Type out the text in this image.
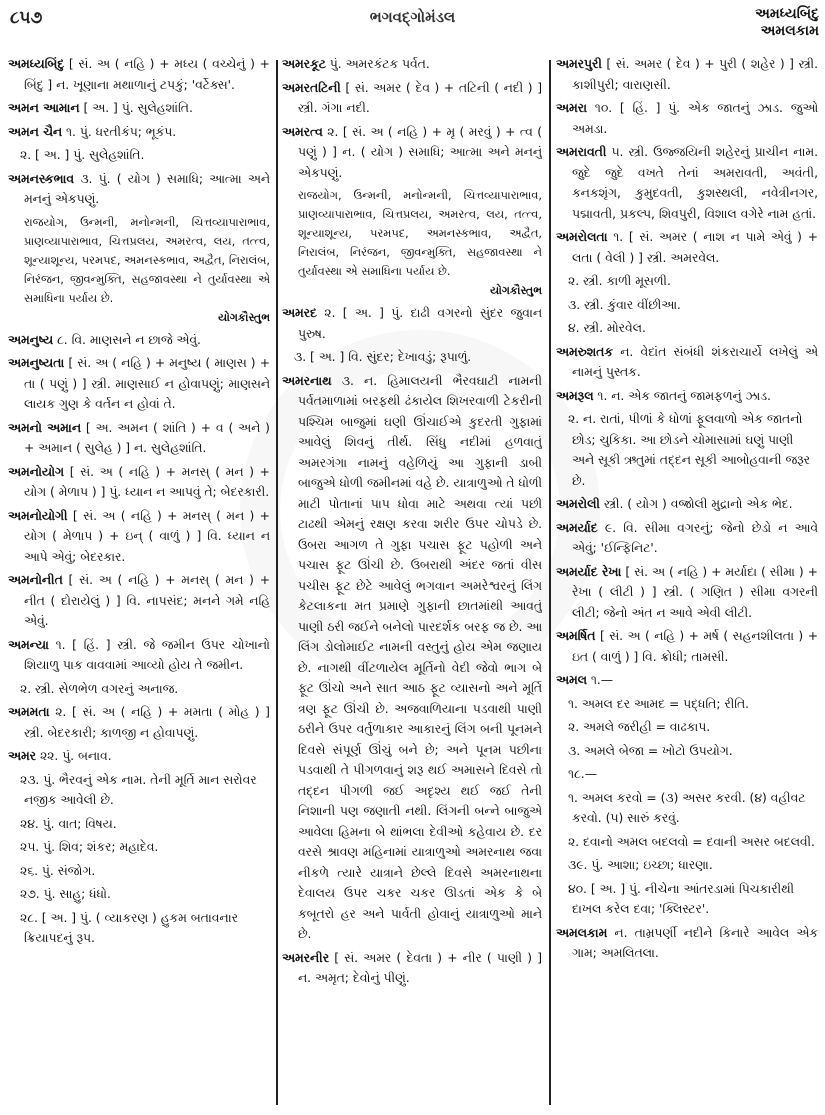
૮૫૭	ભગવદ્ગોમંડલ	અમધ્યબિંદુ
અમલકામ

અમધ્યબિંદુ [ સં. અ ( નહિ ) + મધ્ય ( વચ્ચેનું ) + બિંદુ ] ન. ખૂણાના મથાળાનું ટપકું; 'વર્ટેક્સ'.

અમન આમાન [ અ. ] પું. સુલેહશાંતિ.

અમન ચૈન ૧. પું. ધરતીકંપ; ભૂકંપ.

૨. [ અ. ] પું. સુલેહશાંતિ.

અમનસ્કભાવ ૩. પું. ( યોગ ) સમાધિ; આત્મા અને મનનું એકપણું.

રાજયોગ, ઉન્મની, મનોન્મની, ચિત્તવ્યાપારાભાવ, પ્રાણવ્યાપારાભાવ, ચિત્તપ્રલય, અમરત્વ, લય, તત્ત્વ, શૂન્યાશૂન્ય, પરમપદ, અમનસ્કભાવ, અદ્વૈત, નિરાલંબ, નિરંજન, જીવન્મુક્તિ, સહજાવસ્થા ને તુર્યાવસ્થા એ સમાધિના પર્યાય છે.
યોગકૌસ્તુભ

અમનુષ્ય ૮. વિ. માણસને ન છાજે એવું.

અમનુષ્યતા [ સં. અ ( નહિ ) + મનુષ્ય ( માણસ ) + તા ( પણું ) ] સ્ત્રી. માણસાઈ ન હોવાપણું; માણસને લાયક ગુણ કે વર્તન ન હોવાં તે.

અમનો અમાન [ અ. અમન ( શાંતિ ) + વ ( અને ) + અમાન ( સુલેહ ) ] ન. સુલેહશાંતિ.

અમનોયોગ [ સં. અ ( નહિ ) + મનસ્ ( મન ) + યોગ ( મેળાપ ) ] પું. ધ્યાન ન આપવું તે; બેદરકારી.

અમનોયોગી [ સં. અ ( નહિ ) + મનસ્ ( મન ) + યોગ ( મેળાપ ) + ઇન્ ( વાળું ) ] વિ. ધ્યાન ન આપે એવું; બેદરકાર.

અમનોનીત [ સં. અ ( નહિ ) + મનસ્ ( મન ) + નીત ( દોરાયેલું ) ] વિ. નાપસંદ; મનને ગમે નહિ એવું.

અમન્યા ૧. [ હિં. ] સ્ત્રી. જે જમીન ઉપર ચોખાનો શિયાળુ પાક વાવવામાં આવ્યો હોય તે જમીન.

૨. સ્ત્રી. સેળભેળ વગરનું અનાજ.

અમમતા ૨. [ સં. અ ( નહિ ) + મમતા ( મોહ ) ] સ્ત્રી. બેદરકારી; કાળજી ન હોવાપણું.

અમર ૨૨. પું. બનાવ.

૨૩. પું. ભૈરવનું એક નામ. તેની મૂર્તિ માન સરોવર નજીક આવેલી છે.

૨૪. પું. વાત; વિષય.

૨૫. પું. શિવ; શંકર; મહાદેવ.

૨૬. પું. સંજોગ.

૨૭. પું. સાહુ; ધંધો.

૨૮. [ અ. ] પું. ( વ્યાકરણ ) હુકમ બતાવનાર ક્રિયાપદનું રૂપ.

અમરકૂટ પું. અમરકંટક પર્વત.

અમરતટિની [ સં. અમર ( દેવ ) + તટિની ( નદી ) ] સ્ત્રી. ગંગા નદી.

અમરત્વ ૨. [ સં. અ ( નહિ ) + મૃ ( મરવું ) + ત્વ ( પણું ) ] ન. ( યોગ ) સમાધિ; આત્મા અને મનનું એકપણું.

રાજયોગ, ઉન્મની, મનોન્મની, ચિત્તવ્યાપારાભાવ, પ્રાણવ્યાપારાભાવ, ચિત્તપ્રલય, અમરત્વ, લય, તત્ત્વ, શૂન્યાશૂન્ય, પરમપદ, અમનસ્કભાવ, અદ્વૈત, નિરાલંબ, નિરંજન, જીવન્મુક્તિ, સહજાવસ્થા ને તુર્યાવસ્થા એ સમાધિના પર્યાય છે.
યોગકૌસ્તુભ

અમરદ ૨. [ અ. ] પું. દાઢી વગરનો સુંદર જુવાન પુરુષ.

૩. [ અ. ] વિ. સુંદર; દેખાવડું; રૂપાળું.

અમરનાથ ૩. ન. હિમાલયની ભૈરવઘાટી નામની પર્વતમાળામાં બરફથી ઢંકાયેલ શિખરવાળી ટેકરીની પશ્ચિમ બાજુમાં ઘણી ઊંચાઈએ કુદરતી ગુફામાં આવેલું શિવનું તીર્થ. સિંધુ નદીમાં હળવાતું અમરગંગા નામનું વહેળિયું આ ગુફાની ડાબી બાજુએ ધોળી જમીનમાં વહે છે. યાત્રાળુઓ તે ધોળી માટી પોતાનાં પાપ ધોવા માટે અથવા ત્યાં પછી ટાઢથી એમનું રક્ષણ કરવા શરીર ઉપર ચોપડે છે. ઉબરા આગળ તે ગુફા પચાસ ફૂટ પહોળી અને પચાસ ફૂટ ઊંચી છે. ઉબરાથી અંદર જતાં વીસ પચીસ ફૂટ છેટે આવેલું ભગવાન અમરેશ્વરનું લિંગ કેટલાકના મત પ્રમાણે ગુફાની છાતમાંથી આવતું પાણી ઠરી જઈને બનેલો પારદર્શક બરફ જ છે. આ લિંગ ડોલોમાઈટ નામની વસ્તુનું હોય એમ જણાય છે. નાગથી વીંટળાયેલ મૂર્તિનો વેદી જેવો ભાગ બે ફૂટ ઊંચો અને સાત આઠ ફૂટ વ્યાસનો અને મૂર્તિ ત્રણ ફૂટ ઊંચી છે. અજવાળિયાના પડવાથી પાણી ઠરીને ઉપર વર્તુળાકાર આકારનું લિંગ બની પૂનમને દિવસે સંપૂર્ણ ઊંચું બને છે; અને પૂનમ પછીના પડવાથી તે પીગળવાનું શરૂ થઈ અમાસને દિવસે તો તદ્દન પીગળી જઈ અદૃશ્ય થઈ જઈ તેની નિશાની પણ જણાતી નથી. લિંગની બન્ને બાજુએ આવેલા હિમના બે થાંભલા દેવીઓ કહેવાય છે. દર વરસે શ્રાવણ મહિનામાં યાત્રાળુઓ અમરનાથ જવા નીકળે ત્યારે યાત્રાને છેલ્લે દિવસે અમરનાથના દેવાલય ઉપર ચકર ચકર ઊડતાં એક કે બે કબૂતરો હર અને પાર્વતી હોવાનું યાત્રાળુઓ માને છે.

અમરનીર [ સં. અમર ( દેવતા ) + નીર ( પાણી ) ] ન. અમૃત; દેવોનું પીણું.

અમરપુરી [ સં. અમર ( દેવ ) + પુરી ( શહેર ) ] સ્ત્રી. કાશીપુરી; વારાણસી.

અમરા ૧૦. [ હિં. ] પું. એક જાતનું ઝાડ. જુઓ અમડા.

અમરાવતી ૫. સ્ત્રી. ઉજ્જયિની શહેરનું પ્રાચીન નામ. જુદે જુદે વખતે તેનાં અમરાવતી, અવંતી, કનકશૃંગ, કુમુદવતી, કુશસ્થલી, નવેત્રીનગર, પદ્માવતી, પ્રકલ્પ, શિવપુરી, વિશાલ વગેરે નામ હતાં.

અમરોલતા ૧. [ સં. અમર ( નાશ ન પામે એવું ) + લતા ( વેલી ) ] સ્ત્રી. અમરવેલ.

૨. સ્ત્રી. કાળી મૂસળી.

૩. સ્ત્રી. કુંવાર વીંછીઆ.

૪. સ્ત્રી. મોરવેલ.

અમરુશતક ન. વેદાંત સંબંધી શંકરાચાર્યે લખેલું એ નામનું પુસ્તક.

અમરૂલ ૧. ન. એક જાતનું જામફળનું ઝાડ.

૨. ન. રાતાં, પીળાં કે ધોળાં ફૂલવાળો એક જાતનો છોડ; ચુકિકા. આ છોડને ચોમાસામાં ઘણું પાણી અને સૂકી ઋતુમાં તદ્દન સૂકી આબોહવાની જરૂર છે.

અમરોલી સ્ત્રી. ( યોગ ) વજ્રોલી મુદ્રાનો એક ભેદ.

અમર્યાદ ૯. વિ. સીમા વગરનું; જેનો છેડો ન આવે એવું; 'ઈન્ફિનિટ'.

અમર્યાદ રેખા [ સં. અ ( નહિ ) + મર્યાદા ( સીમા ) + રેખા ( લીટી ) ] સ્ત્રી. ( ગણિત ) સીમા વગરની લીટી; જેનો અંત ન આવે એવી લીટી.

અમર્ષિત [ સં. અ ( નહિ ) + મર્ષ ( સહનશીલતા ) + ઇત ( વાળું ) ] વિ. ક્રોધી; તામસી.

અમલ ૧.—

૧. અમલ દર આમદ = પદ્ધતિ; રીતિ.

૨. અમલે જરીહી = વાઢકાપ.

૩. અમલે બેજા = ખોટો ઉપયોગ.

૧૮.—

૧. અમલ કરવો = (૩) અસર કરવી. (૪) વહીવટ કરવો. (૫) સારું કરવું.

૨. દવાનો અમલ બદલવો = દવાની અસર બદલવી.

૩૯. પું. આશા; ઇચ્છા; ધારણા.

૪૦. [ અ. ] પું. નીચેના આંતરડામાં પિચકારીથી દાખલ કરેલ દવા; 'ક્લિસ્ટર'.

અમલકામ ન. તામ્રપર્ણી નદીને કિનારે આવેલ એક ગામ; અમલિતલા.
